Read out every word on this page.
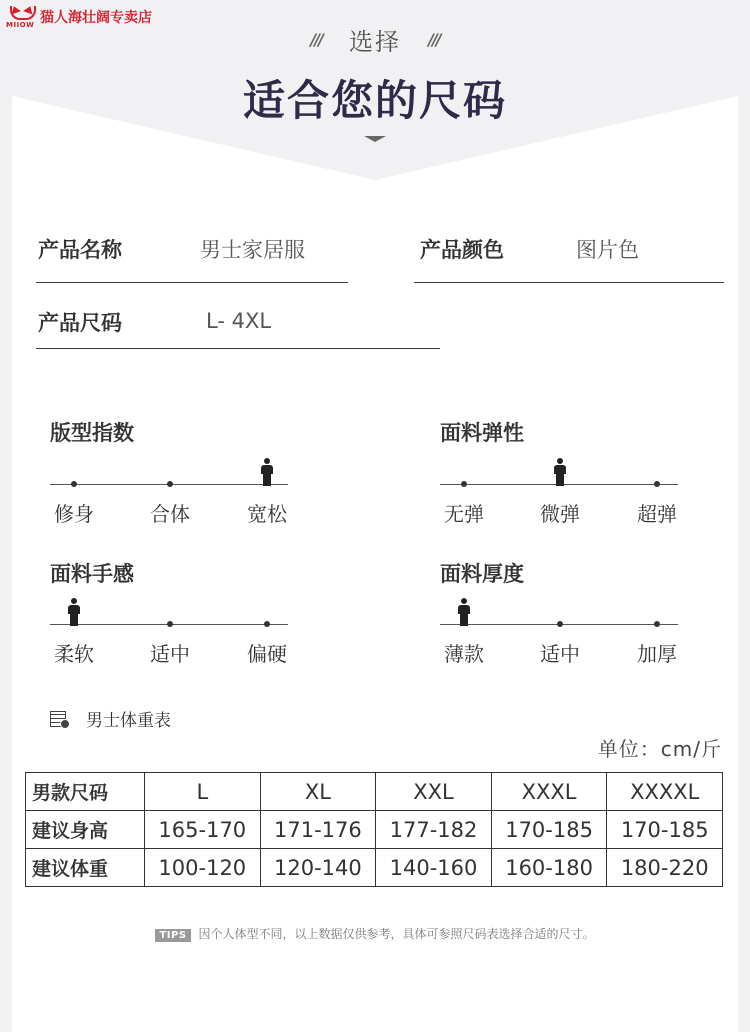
MIIOW 猫人海壮阔专卖店
/// 选择 ///
适合您的尺码
产品名称	男士家居服	产品颜色	图片色
产品尺码	L- 4XL
版型指数
修身	合体	宽松
面料弹性
无弹	微弹	超弹
面料手感
柔软	适中	偏硬
面料厚度
薄款	适中	加厚
男士体重表
单位：cm/斤
男款尺码	L	XL	XXL	XXXL	XXXXL
建议身高	165-170	171-176	177-182	170-185	170-185
建议体重	100-120	120-140	140-160	160-180	180-220
TIPS 因个人体型不同，以上数据仅供参考，具体可参照尺码表选择合适的尺寸。
